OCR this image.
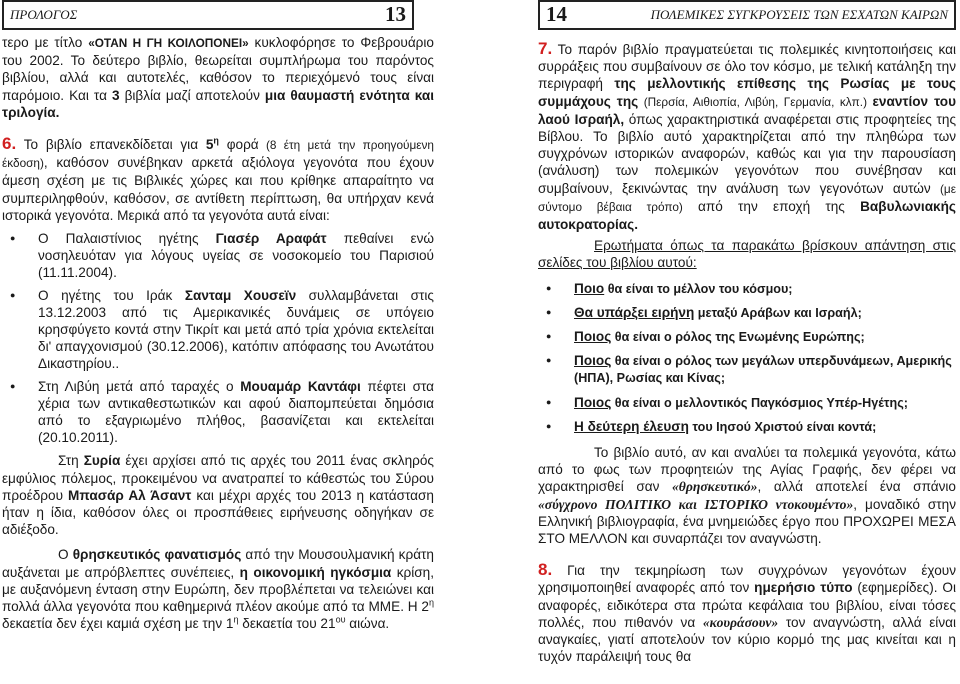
ΠΡΟΛΟΓΟΣ	13

τερο με τίτλο «ΟΤΑΝ Η ΓΗ ΚΟΙΛΟΠΟΝΕΙ» κυκλοφόρησε το Φεβρουάριο του 2002. Το δεύτερο βιβλίο, θεωρείται συμπλήρωμα του παρόντος βιβλίου, αλλά και αυτοτελές, καθόσον το περιεχόμενό τους είναι παρόμοιο. Και τα 3 βιβλία μαζί αποτελούν μια θαυμαστή ενότητα και τριλογία.

6. Το βιβλίο επανεκδίδεται για $5^\eta$ φορά (8 έτη μετά την προηγούμενη έκδοση), καθόσον συνέβηκαν αρκετά αξιόλογα γεγονότα που έχουν άμεση σχέση με τις Βιβλικές χώρες και που κρίθηκε απαραίτητο να συμπεριληφθούν, καθόσον, σε αντίθετη περίπτωση, θα υπήρχαν κενά ιστορικά γεγονότα. Μερικά από τα γεγονότα αυτά είναι:

● Ο Παλαιστίνιος ηγέτης Γιασέρ Αραφάτ πεθαίνει ενώ νοσηλευόταν για λόγους υγείας σε νοσοκομείο του Παρισιού (11.11.2004).
● Ο ηγέτης του Ιράκ Σανταμ Χουσεϊν συλλαμβάνεται στις 13.12.2003 από τις Αμερικανικές δυνάμεις σε υπόγειο κρησφύγετο κοντά στην Τικρίτ και μετά από τρία χρόνια εκτελείται δι' απαγχονισμού (30.12.2006), κατόπιν απόφασης του Ανωτάτου Δικαστηρίου..
● Στη Λιβύη μετά από ταραχές ο Μουαμάρ Καντάφι πέφτει στα χέρια των αντικαθεστωτικών και αφού διαπομπεύεται δημόσια από το εξαγριωμένο πλήθος, βασανίζεται και εκτελείται (20.10.2011).

Στη Συρία έχει αρχίσει από τις αρχές του 2011 ένας σκληρός εμφύλιος πόλεμος, προκειμένου να ανατραπεί το κάθεστώς του Σύρου προέδρου Μπασάρ Αλ Άσαντ και μέχρι αρχές του 2013 η κατάσταση ήταν η ίδια, καθόσον όλες οι προσπάθειες ειρήνευσης οδηγήκαν σε αδιέξοδο.

Ο θρησκευτικός φανατισμός από την Μουσουλμανική κράτη αυξάνεται με απρόβλεπτες συνέπειες, η οικονομική ηγκόσμια κρίση, με αυξανόμενη ένταση στην Ευρώπη, δεν προβλέπεται να τελειώνει και πολλά άλλα γεγονότα που καθημερινά πλέον ακούμε από τα ΜΜΕ. Η $2^\eta$ δεκαετία δεν έχει καμιά σχέση με την $1^\eta$ δεκαετία του $21^{o\upsilon}$ αιώνα.

14	ΠΟΛΕΜΙΚΕΣ ΣΥΓΚΡΟΥΣΕΙΣ ΤΩΝ ΕΣΧΑΤΩΝ ΚΑΙΡΩΝ

7. Το παρόν βιβλίο πραγματεύεται τις πολεμικές κινητοποιήσεις και συρράξεις που συμβαίνουν σε όλο τον κόσμο, με τελική κατάληξη την περιγραφή της μελλοντικής επίθεσης της Ρωσίας με τους συμμάχους της (Περσία, Αιθιοπία, Λιβύη, Γερμανία, κλπ.) εναντίον του λαού Ισραήλ, όπως χαρακτηριστικά αναφέρεται στις προφητείες της Βίβλου. Το βιβλίο αυτό χαρακτηρίζεται από την πληθώρα των συγχρόνων ιστορικών αναφορών, καθώς και για την παρουσίαση (ανάλυση) των πολεμικών γεγονότων που συνέβησαν και συμβαίνουν, ξεκινώντας την ανάλυση των γεγονότων αυτών (με σύντομο βέβαια τρόπο) από την εποχή της Βαβυλωνιακής αυτοκρατορίας.

Ερωτήματα όπως τα παρακάτω βρίσκουν απάντηση στις σελίδες του βιβλίου αυτού:

● Ποιο θα είναι το μέλλον του κόσμου;
● Θα υπάρξει ειρήνη μεταξύ Αράβων και Ισραήλ;
● Ποιος θα είναι ο ρόλος της Ενωμένης Ευρώπης;
● Ποιος θα είναι ο ρόλος των μεγάλων υπερδυνάμεων, Αμερικής (ΗΠΑ), Ρωσίας και Κίνας;
● Ποιος θα είναι ο μελλοντικός Παγκόσμιος Υπέρ-Ηγέτης;
● Η δεύτερη έλευση του Ιησού Χριστού είναι κοντά;

Το βιβλίο αυτό, αν και αναλύει τα πολεμικά γεγονότα, κάτω από το φως των προφητειών της Αγίας Γραφής, δεν φέρει να χαρακτηρισθεί σαν «θρησκευτικό», αλλά αποτελεί ένα σπάνιο «σύγχρονο ΠΟΛΙΤΙΚΟ και ΙΣΤΟΡΙΚΟ ντοκουμέντο», μοναδικό στην Ελληνική βιβλιογραφία, ένα μνημειώδες έργο που ΠΡΟΧΩΡΕΙ ΜΕΣΑ ΣΤΟ ΜΕΛΛΟΝ και συναρπάζει τον αναγνώστη.

8. Για την τεκμηρίωση των συγχρόνων γεγονότων έχουν χρησιμοποιηθεί αναφορές από τον ημερήσιο τύπο (εφημερίδες). Οι αναφορές, ειδικότερα στα πρώτα κεφάλαια του βιβλίου, είναι τόσες πολλές, που πιθανόν να «κουράσουν» τον αναγνώστη, αλλά είναι αναγκαίες, γιατί αποτελούν τον κύριο κορμό της μας κινείται και η τυχόν παράλειψή τους θα
